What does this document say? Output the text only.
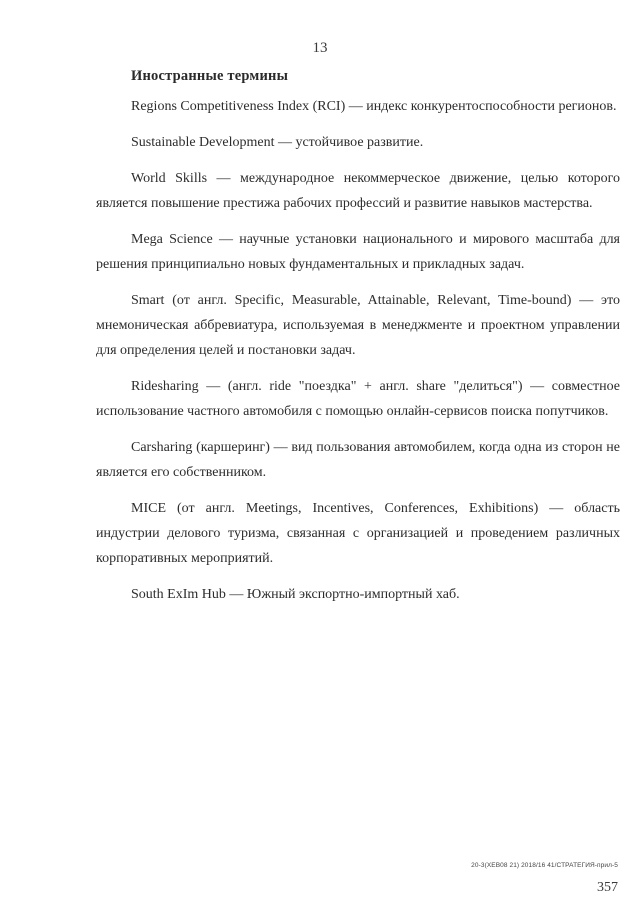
13
Иностранные термины

Regions Competitiveness Index (RCI) — индекс конкурентоспособности регионов.

Sustainable Development — устойчивое развитие.

World Skills — международное некоммерческое движение, целью которого является повышение престижа рабочих профессий и развитие навыков мастерства.

Mega Science — научные установки национального и мирового масштаба для решения принципиально новых фундаментальных и прикладных задач.

Smart (от англ. Specific, Measurable, Attainable, Relevant, Time-bound) — это мнемоническая аббревиатура, используемая в менеджменте и проектном управлении для определения целей и постановки задач.

Ridesharing — (англ. ride "поездка" + англ. share "делиться") — совместное использование частного автомобиля с помощью онлайн-сервисов поиска попутчиков.

Carsharing (каршеринг) — вид пользования автомобилем, когда одна из сторон не является его собственником.

MICE (от англ. Meetings, Incentives, Conferences, Exhibitions) — область индустрии делового туризма, связанная с организацией и проведением различных корпоративных мероприятий.

South ExIm Hub — Южный экспортно-импортный хаб.

20-3(XEB08 21) 2018/16 41/СТРАТЕГИЯ-прил-5
357
